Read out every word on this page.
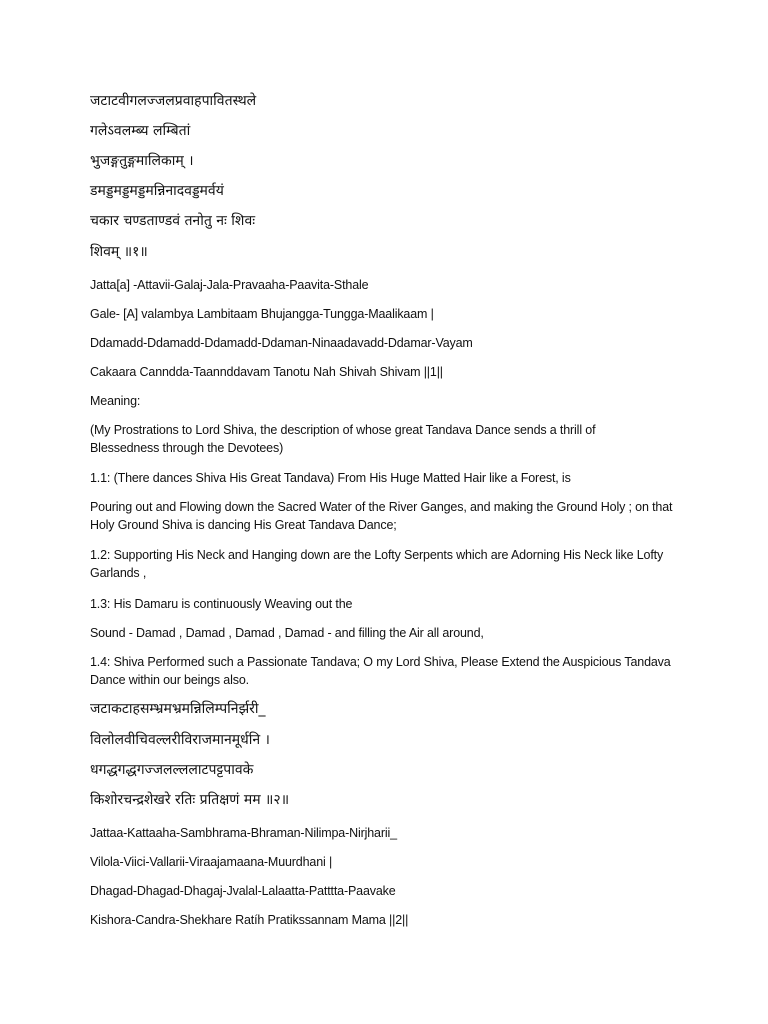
जटाटवीगलज्जलप्रवाहपावितस्थले
गलेऽवलम्ब्य लम्बितां
भुजङ्गतुङ्गमालिकाम् ।
डमड्डमड्डमड्डमन्निनादवड्डमर्वयं
चकार चण्डताण्डवं तनोतु नः शिवः
शिवम् ॥१॥
Jatta[a] -Attavii-Galaj-Jala-Pravaaha-Paavita-Sthale
Gale- [A] valambya Lambitaam Bhujangga-Tungga-Maalikaam |
Ddamadd-Ddamadd-Ddamadd-Ddaman-Ninaadavadd-Ddamar-Vayam
Cakaara Canndda-Taannddavam Tanotu Nah Shivah Shivam ||1||
Meaning:
(My Prostrations to Lord Shiva, the description of whose great Tandava Dance sends a thrill of Blessedness through the Devotees)
1.1: (There dances Shiva His Great Tandava) From His Huge Matted Hair like a Forest, is
Pouring out and Flowing down the Sacred Water of the River Ganges, and making the Ground Holy ; on that Holy Ground Shiva is dancing His Great Tandava Dance;
1.2: Supporting His Neck and Hanging down are the Lofty Serpents which are Adorning His Neck like Lofty Garlands ,
1.3: His Damaru is continuously Weaving out the
Sound - Damad , Damad , Damad , Damad - and filling the Air all around,
1.4: Shiva Performed such a Passionate Tandava; O my Lord Shiva, Please Extend the Auspicious Tandava Dance within our beings also.
जटाकटाहसम्भ्रमभ्रमन्निलिम्पनिर्झरी_
विलोलवीचिवल्लरीविराजमानमूर्धनि ।
धगद्धगद्धगज्जलल्ललाटपट्टपावके
किशोरचन्द्रशेखरे रतिः प्रतिक्षणं मम ॥२॥
Jattaa-Kattaaha-Sambhrama-Bhraman-Nilimpa-Nirjharii_
Vilola-Viici-Vallarii-Viraajamaana-Muurdhani |
Dhagad-Dhagad-Dhagaj-Jvalal-Lalaatta-Patttta-Paavake
Kishora-Candra-Shekhare Ratíh Pratikssannam Mama ||2||
